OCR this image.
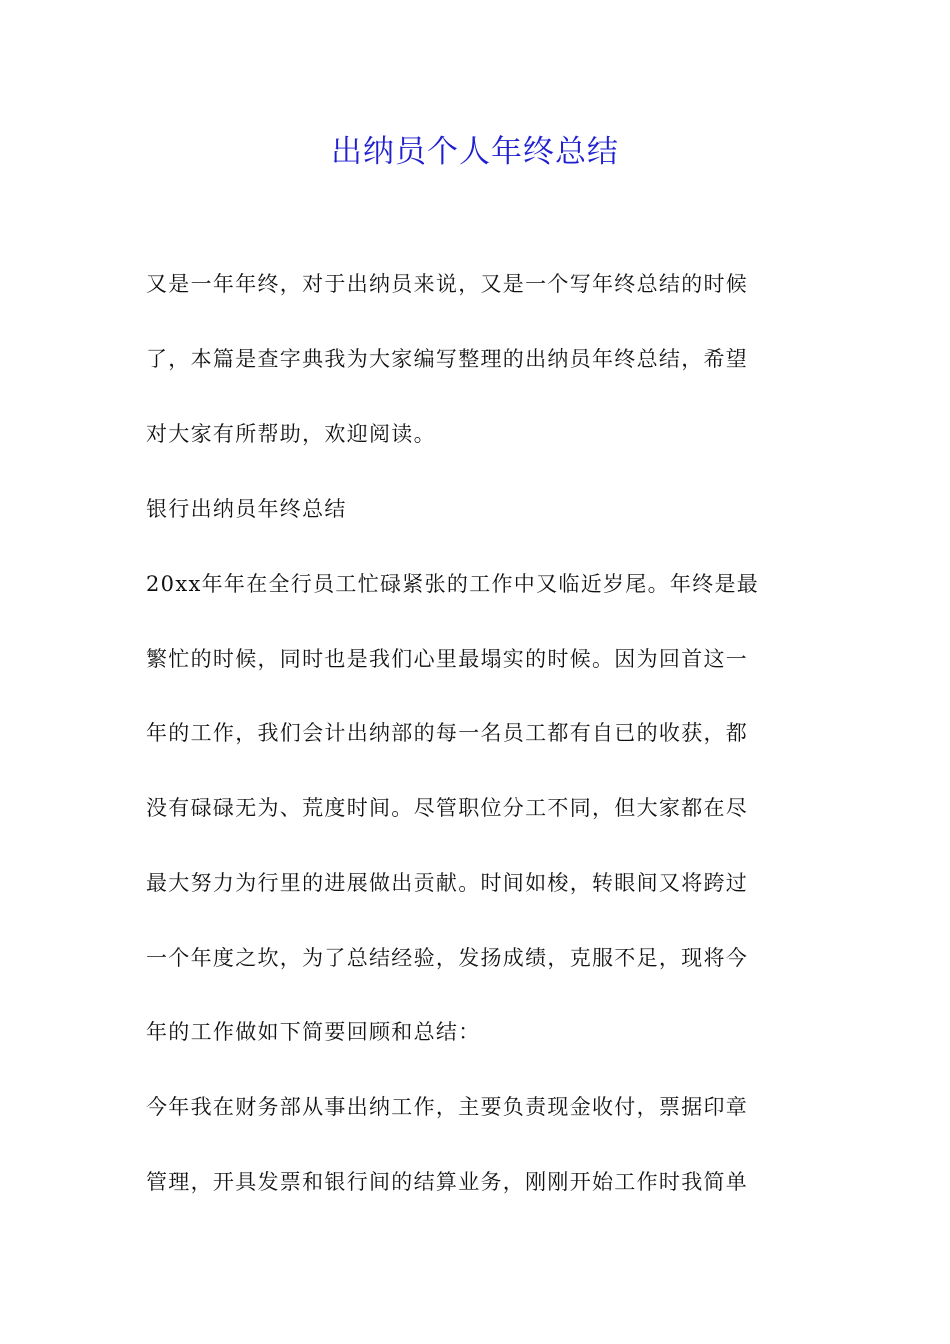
出纳员个人年终总结
又是一年年终，对于出纳员来说，又是一个写年终总结的时候
了，本篇是查字典我为大家编写整理的出纳员年终总结，希望
对大家有所帮助，欢迎阅读。
银行出纳员年终总结
20xx年年在全行员工忙碌紧张的工作中又临近岁尾。年终是最
繁忙的时候，同时也是我们心里最塌实的时候。因为回首这一
年的工作，我们会计出纳部的每一名员工都有自已的收获，都
没有碌碌无为、荒度时间。尽管职位分工不同，但大家都在尽
最大努力为行里的进展做出贡献。时间如梭，转眼间又将跨过
一个年度之坎，为了总结经验，发扬成绩，克服不足，现将今
年的工作做如下简要回顾和总结：
今年我在财务部从事出纳工作，主要负责现金收付，票据印章
管理，开具发票和银行间的结算业务，刚刚开始工作时我简单
